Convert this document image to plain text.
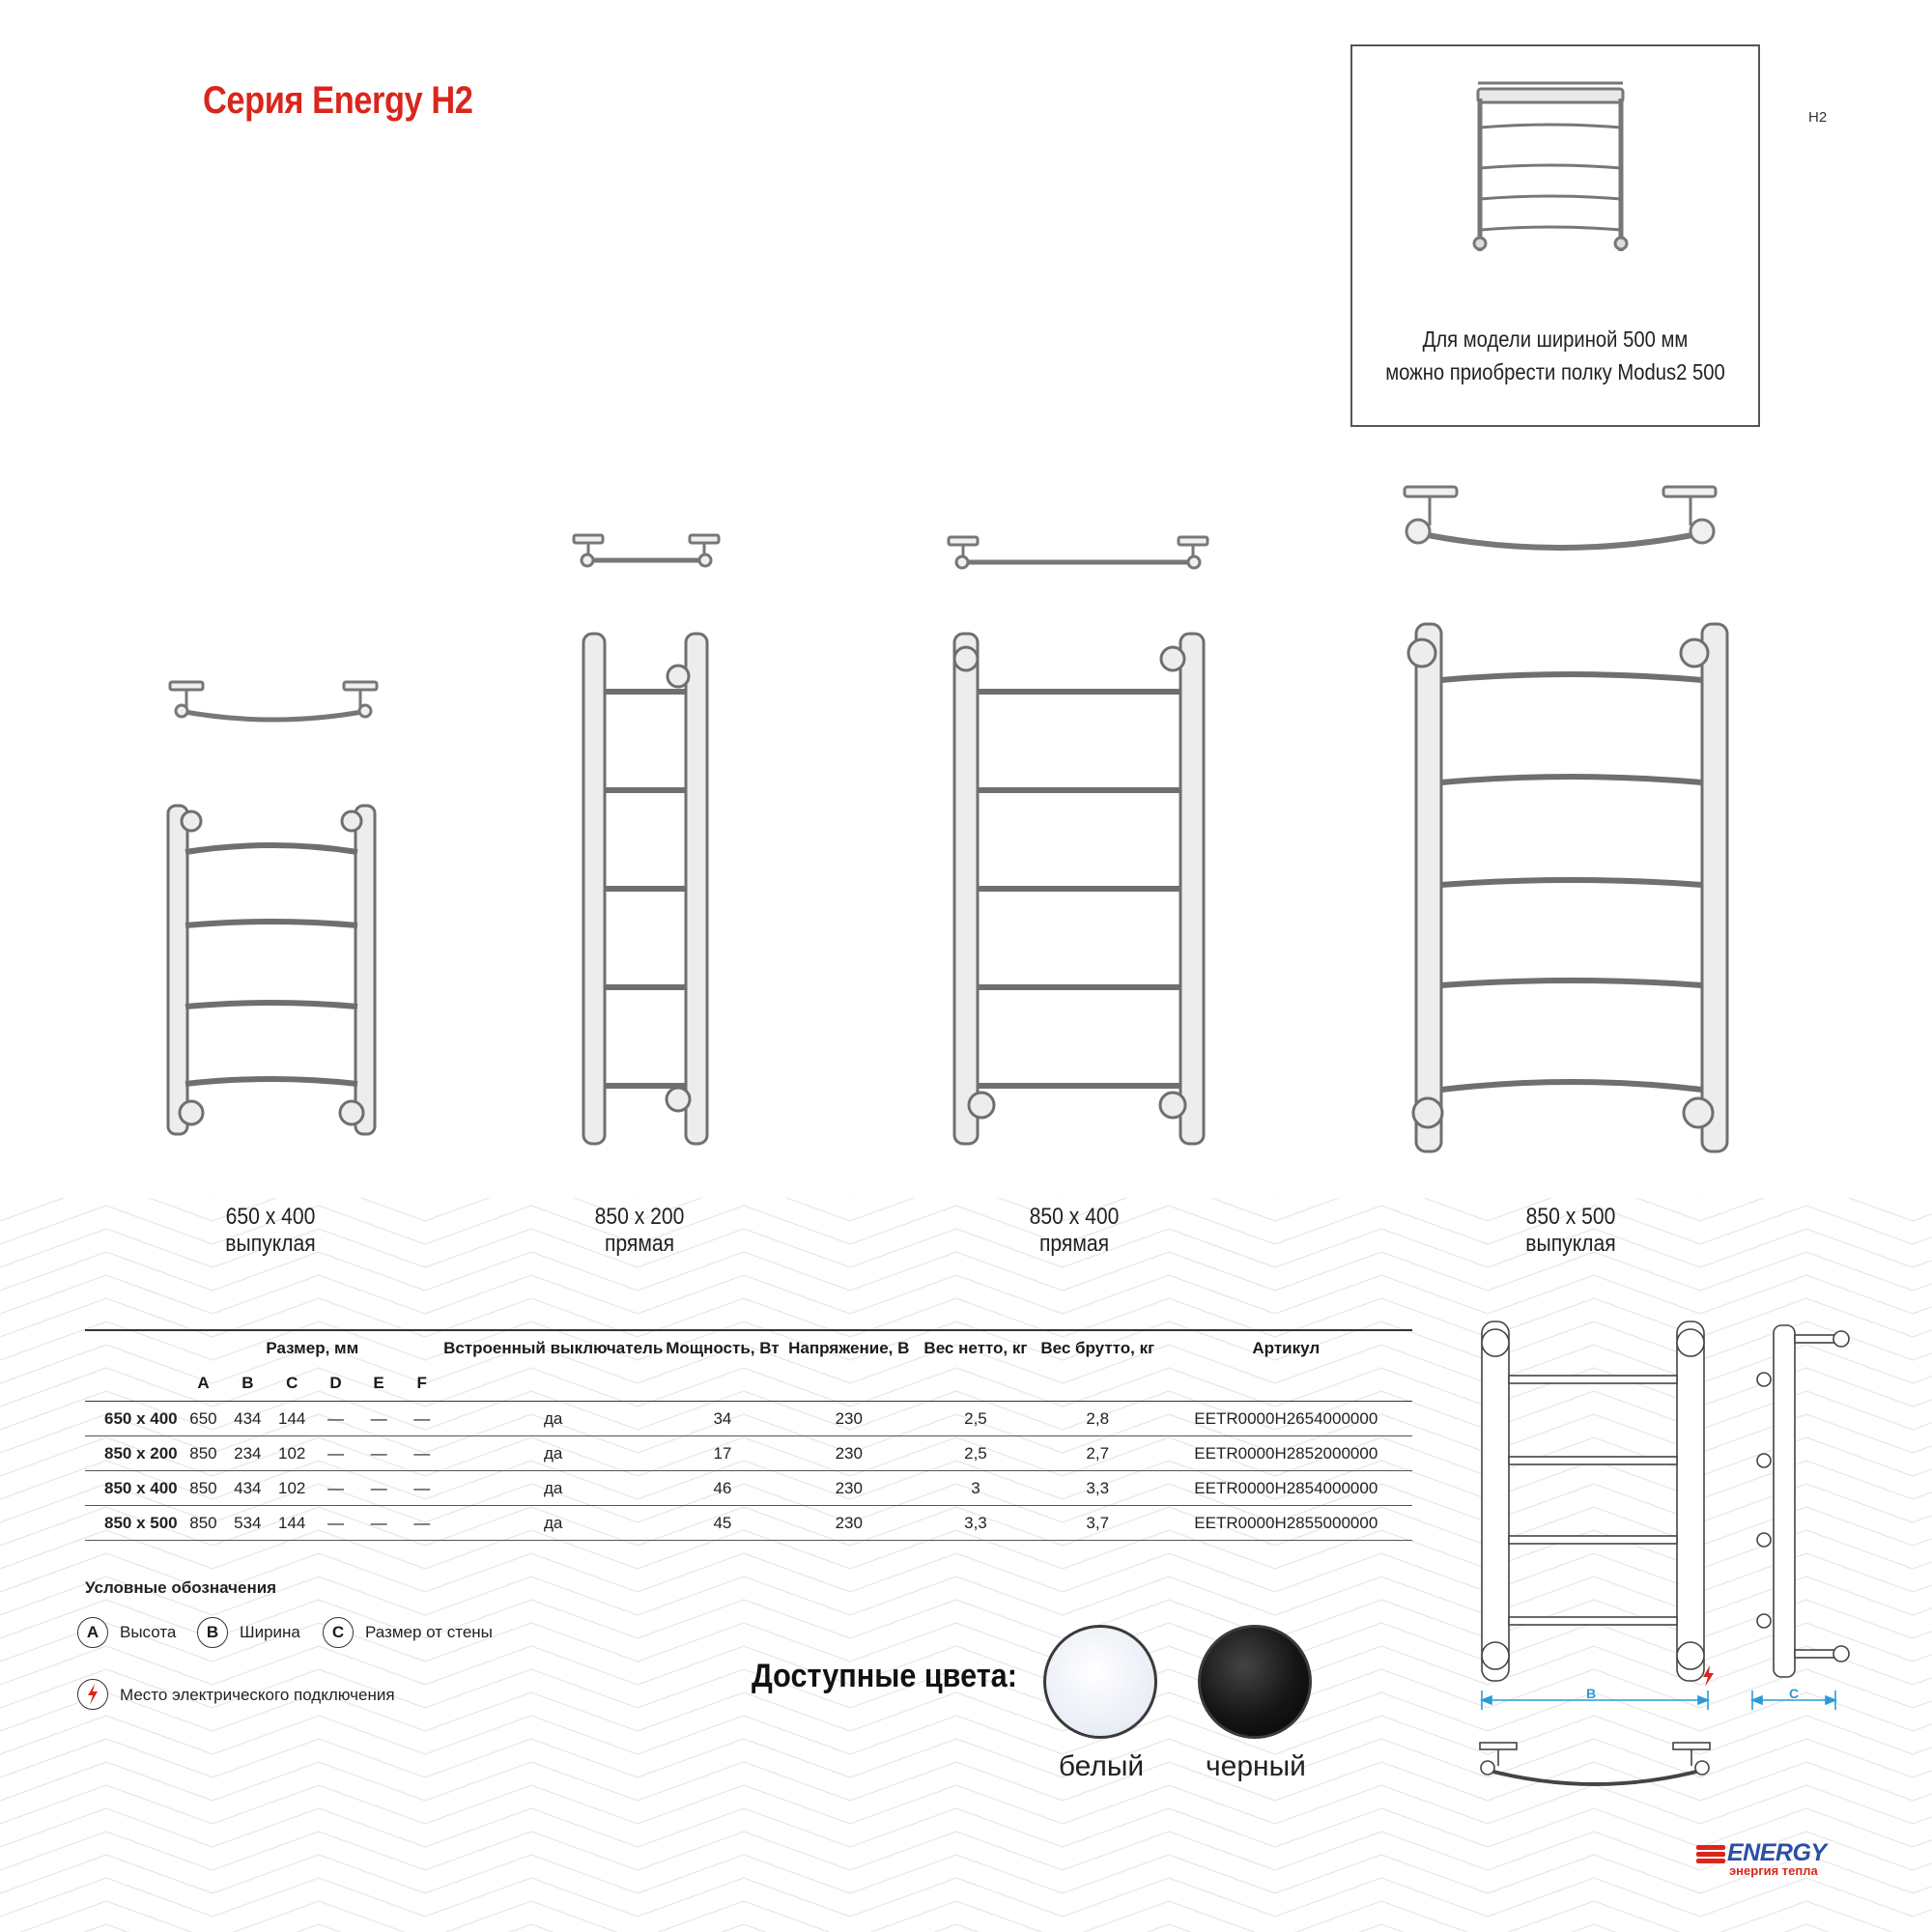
Серия Energy H2	H2
Для модели шириной 500 мм
можно приобрести полку Modus2 500
650 x 400
выпуклая
850 x 200
прямая
850 x 400
прямая
850 x 500
выпуклая
	Размер, мм						Встроенный выключатель	Мощность, Вт	Напряжение, В	Вес нетто, кг	Вес брутто, кг	Артикул
	A	B	C	D	E	F						
650 x 400	650	434	144	—	—	—	да	34	230	2,5	2,8	EETR0000H2654000000
850 x 200	850	234	102	—	—	—	да	17	230	2,5	2,7	EETR0000H2852000000
850 x 400	850	434	102	—	—	—	да	46	230	3	3,3	EETR0000H2854000000
850 x 500	850	534	144	—	—	—	да	45	230	3,3	3,7	EETR0000H2855000000
Условные обозначения
A	Высота	B	Ширина	C	Размер от стены
Место электрического подключения
Доступные цвета:
белый	черный
B	C
ENERGY
энергия тепла
